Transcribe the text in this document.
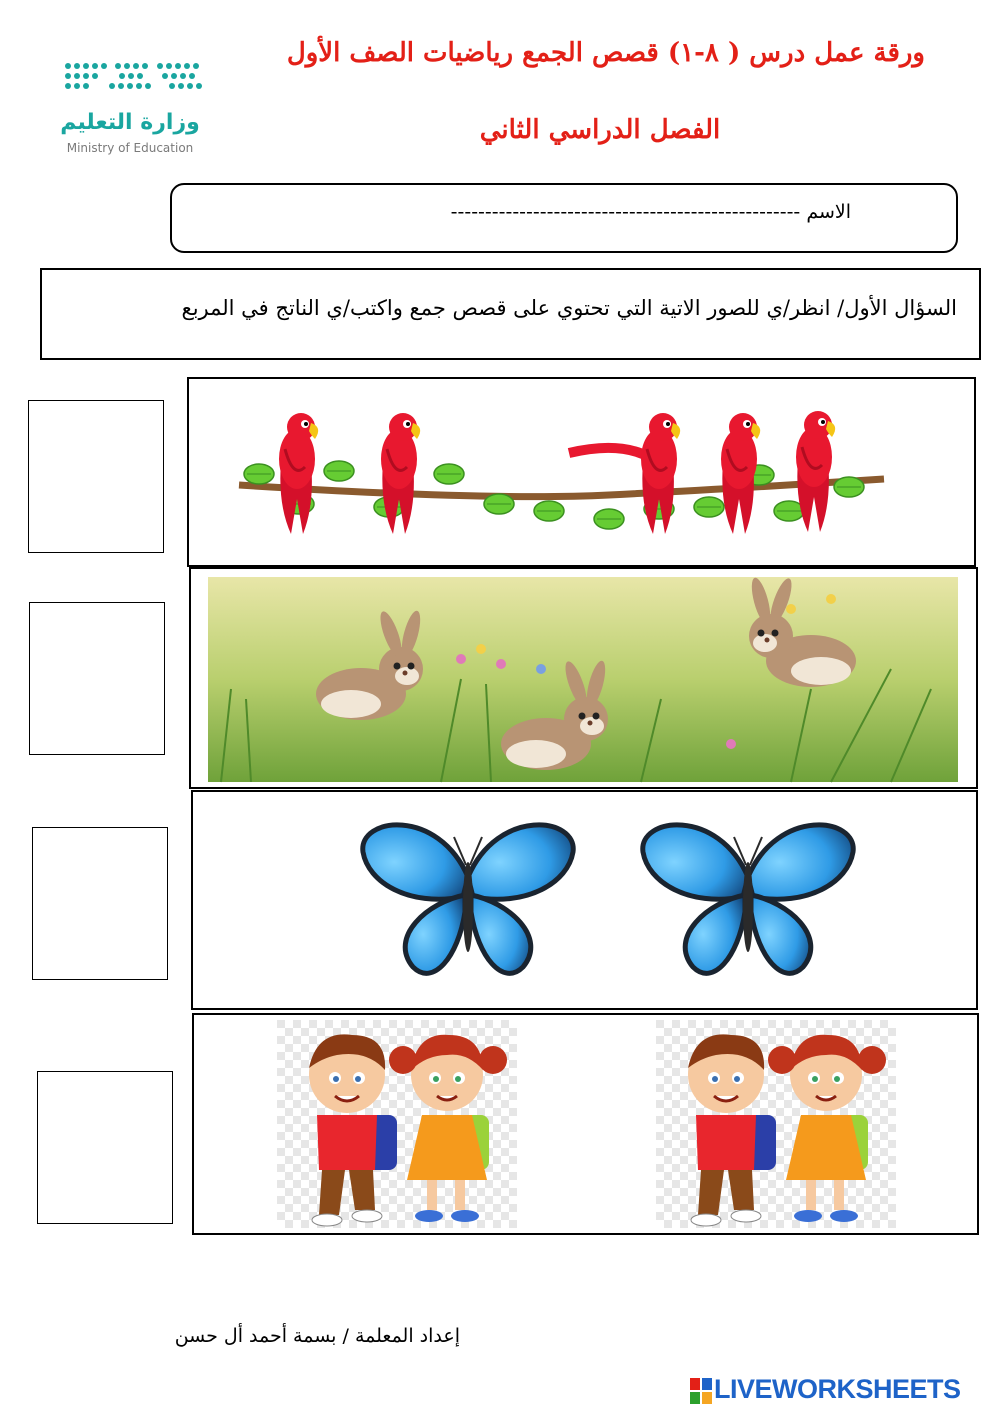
وزارة التعليم
Ministry of Education
ورقة عمل درس ( ٨-١) قصص الجمع رياضيات الصف الأول
الفصل الدراسي الثاني
الاسم ---------------------------------------------------
السؤال الأول/ انظر/ي للصور الاتية التي تحتوي على قصص جمع واكتب/ي الناتج في المربع
إعداد المعلمة / بسمة أحمد أل حسن
LIVEWORKSHEETS
